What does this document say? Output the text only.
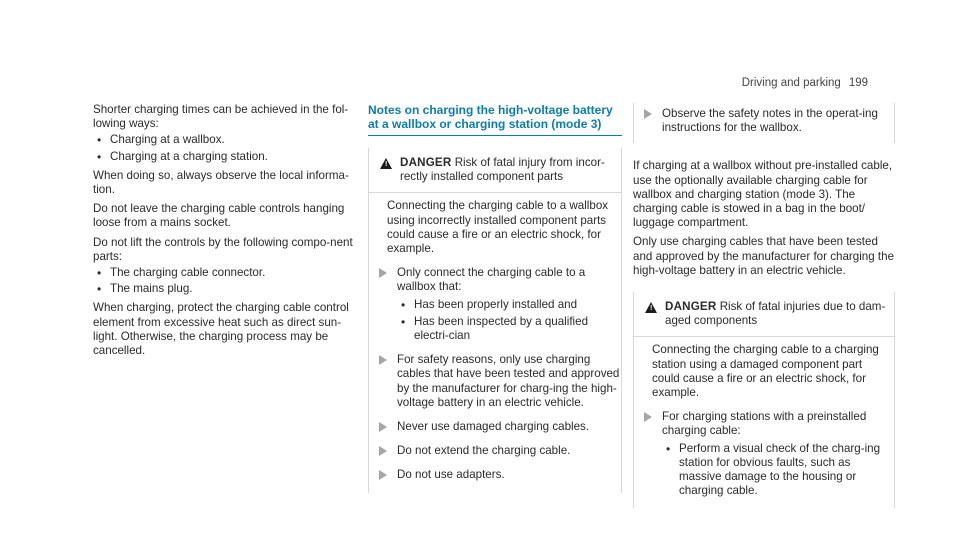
Driving and parking 199

Shorter charging times can be achieved in the fol-lowing ways:

• Charging at a wallbox.
• Charging at a charging station.

When doing so, always observe the local informa-tion.

Do not leave the charging cable controls hanging loose from a mains socket.

Do not lift the controls by the following compo-nent parts:

• The charging cable connector.
• The mains plug.

When charging, protect the charging cable control element from excessive heat such as direct sun-light. Otherwise, the charging process may be cancelled.

Notes on charging the high-voltage battery at a wallbox or charging station (mode 3)
! DANGER Risk of fatal injury from incor-rectly installed component parts
Connecting the charging cable to a wallbox using incorrectly installed component parts could cause a fire or an electric shock, for example.
Only connect the charging cable to a wallbox that:
• Has been properly installed and
• Has been inspected by a qualified electri-cian
For safety reasons, only use charging cables that have been tested and approved by the manufacturer for charg-ing the high-voltage battery in an electric vehicle.
Never use damaged charging cables.
Do not extend the charging cable.
Do not use adapters.
Observe the safety notes in the operat-ing instructions for the wallbox.

If charging at a wallbox without pre-installed cable, use the optionally available charging cable for wallbox and charging station (mode 3). The charging cable is stowed in a bag in the boot/ luggage compartment.

Only use charging cables that have been tested and approved by the manufacturer for charging the high-voltage battery in an electric vehicle.

! DANGER Risk of fatal injuries due to dam-aged components
Connecting the charging cable to a charging station using a damaged component part could cause a fire or an electric shock, for example.
For charging stations with a preinstalled charging cable:
• Perform a visual check of the charg-ing station for obvious faults, such as massive damage to the housing or charging cable.
